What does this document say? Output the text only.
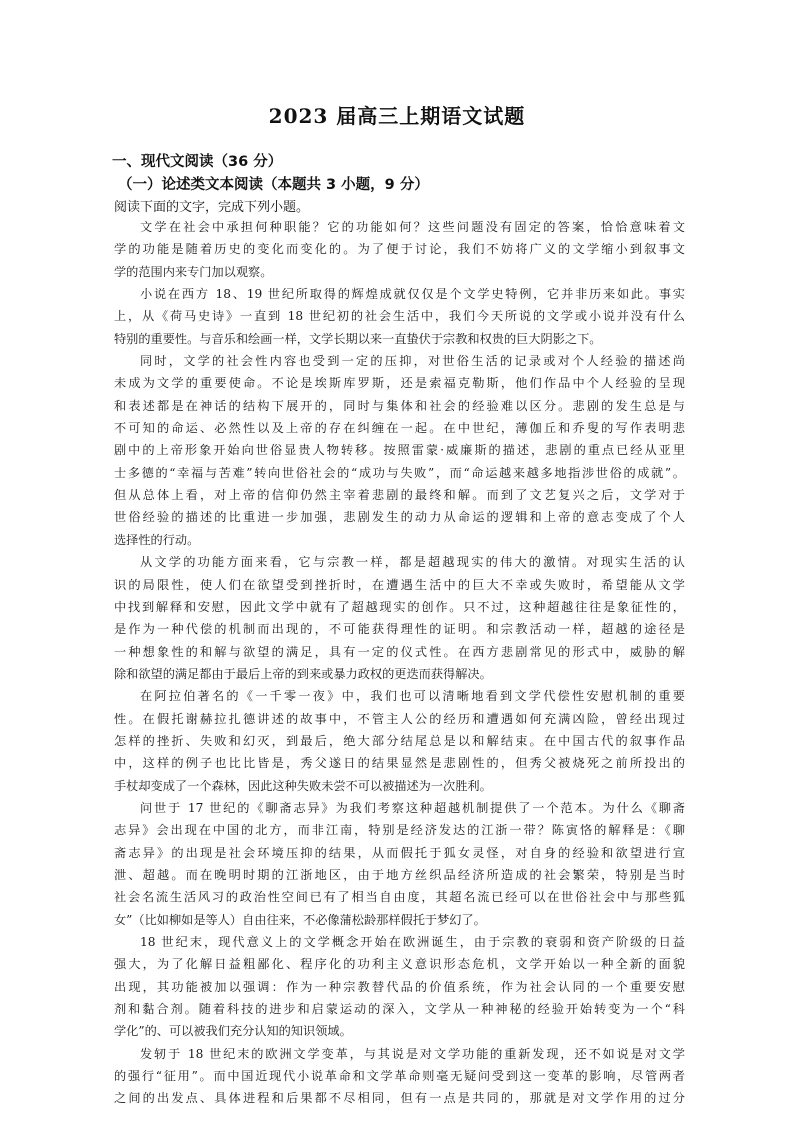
2023 届高三上期语文试题
一、现代文阅读（36 分）
（一）论述类文本阅读（本题共 3 小题，9 分）
阅读下面的文字，完成下列小题。
文学在社会中承担何种职能？它的功能如何？这些问题没有固定的答案，恰恰意味着文
学的功能是随着历史的变化而变化的。为了便于讨论，我们不妨将广义的文学缩小到叙事文
学的范围内来专门加以观察。
小说在西方 18、19 世纪所取得的辉煌成就仅仅是个文学史特例，它并非历来如此。事实
上，从《荷马史诗》一直到 18 世纪初的社会生活中，我们今天所说的文学或小说并没有什么
特别的重要性。与音乐和绘画一样，文学长期以来一直蛰伏于宗教和权贵的巨大阴影之下。
同时，文学的社会性内容也受到一定的压抑，对世俗生活的记录或对个人经验的描述尚
未成为文学的重要使命。不论是埃斯库罗斯，还是索福克勒斯，他们作品中个人经验的呈现
和表述都是在神话的结构下展开的，同时与集体和社会的经验难以区分。悲剧的发生总是与
不可知的命运、必然性以及上帝的存在纠缠在一起。在中世纪，薄伽丘和乔叟的写作表明悲
剧中的上帝形象开始向世俗显贵人物转移。按照雷蒙·威廉斯的描述，悲剧的重点已经从亚里
士多德的“幸福与苦难”转向世俗社会的“成功与失败”，而“命运越来越多地指涉世俗的成就”。
但从总体上看，对上帝的信仰仍然主宰着悲剧的最终和解。而到了文艺复兴之后，文学对于
世俗经验的描述的比重进一步加强，悲剧发生的动力从命运的逻辑和上帝的意志变成了个人
选择性的行动。
从文学的功能方面来看，它与宗教一样，都是超越现实的伟大的激情。对现实生活的认
识的局限性，使人们在欲望受到挫折时，在遭遇生活中的巨大不幸或失败时，希望能从文学
中找到解释和安慰，因此文学中就有了超越现实的创作。只不过，这种超越往往是象征性的，
是作为一种代偿的机制而出现的，不可能获得理性的证明。和宗教活动一样，超越的途径是
一种想象性的和解与欲望的满足，具有一定的仪式性。在西方悲剧常见的形式中，威胁的解
除和欲望的满足都由于最后上帝的到来或暴力政权的更迭而获得解决。
在阿拉伯著名的《一千零一夜》中，我们也可以清晰地看到文学代偿性安慰机制的重要
性。在假托谢赫拉扎德讲述的故事中，不管主人公的经历和遭遇如何充满凶险，曾经出现过
怎样的挫折、失败和幻灭，到最后，绝大部分结尾总是以和解结束。在中国古代的叙事作品
中，这样的例子也比比皆是，秀父遂日的结果显然是悲剧性的，但秀父被烧死之前所投出的
手杖却变成了一个森林，因此这种失败未尝不可以被描述为一次胜利。
问世于 17 世纪的《聊斋志异》为我们考察这种超越机制提供了一个范本。为什么《聊斋
志异》会出现在中国的北方，而非江南，特别是经济发达的江浙一带？陈寅恪的解释是：《聊
斋志异》的出现是社会环境压抑的结果，从而假托于狐女灵怪，对自身的经验和欲望进行宣
泄、超越。而在晚明时期的江浙地区，由于地方丝织品经济所造成的社会繁荣，特别是当时
社会名流生活风习的政治性空间已有了相当自由度，其超名流已经可以在世俗社会中与那些狐
女”（比如柳如是等人）自由往来，不必像蒲松龄那样假托于梦幻了。
18 世纪末，现代意义上的文学概念开始在欧洲诞生，由于宗教的衰弱和资产阶级的日益
强大，为了化解日益粗鄙化、程序化的功利主义意识形态危机，文学开始以一种全新的面貌
出现，其功能被加以强调：作为一种宗教替代品的价值系统，作为社会认同的一个重要安慰
剂和黏合剂。随着科技的进步和启蒙运动的深入，文学从一种神秘的经验开始转变为一个“科
学化”的、可以被我们充分认知的知识领域。
发轫于 18 世纪末的欧洲文学变革，与其说是对文学功能的重新发现，还不如说是对文学
的强行“征用”。而中国近现代小说革命和文学革命则毫无疑问受到这一变革的影响，尽管两者
之间的出发点、具体进程和后果都不尽相同，但有一点是共同的，那就是对文学作用的过分
